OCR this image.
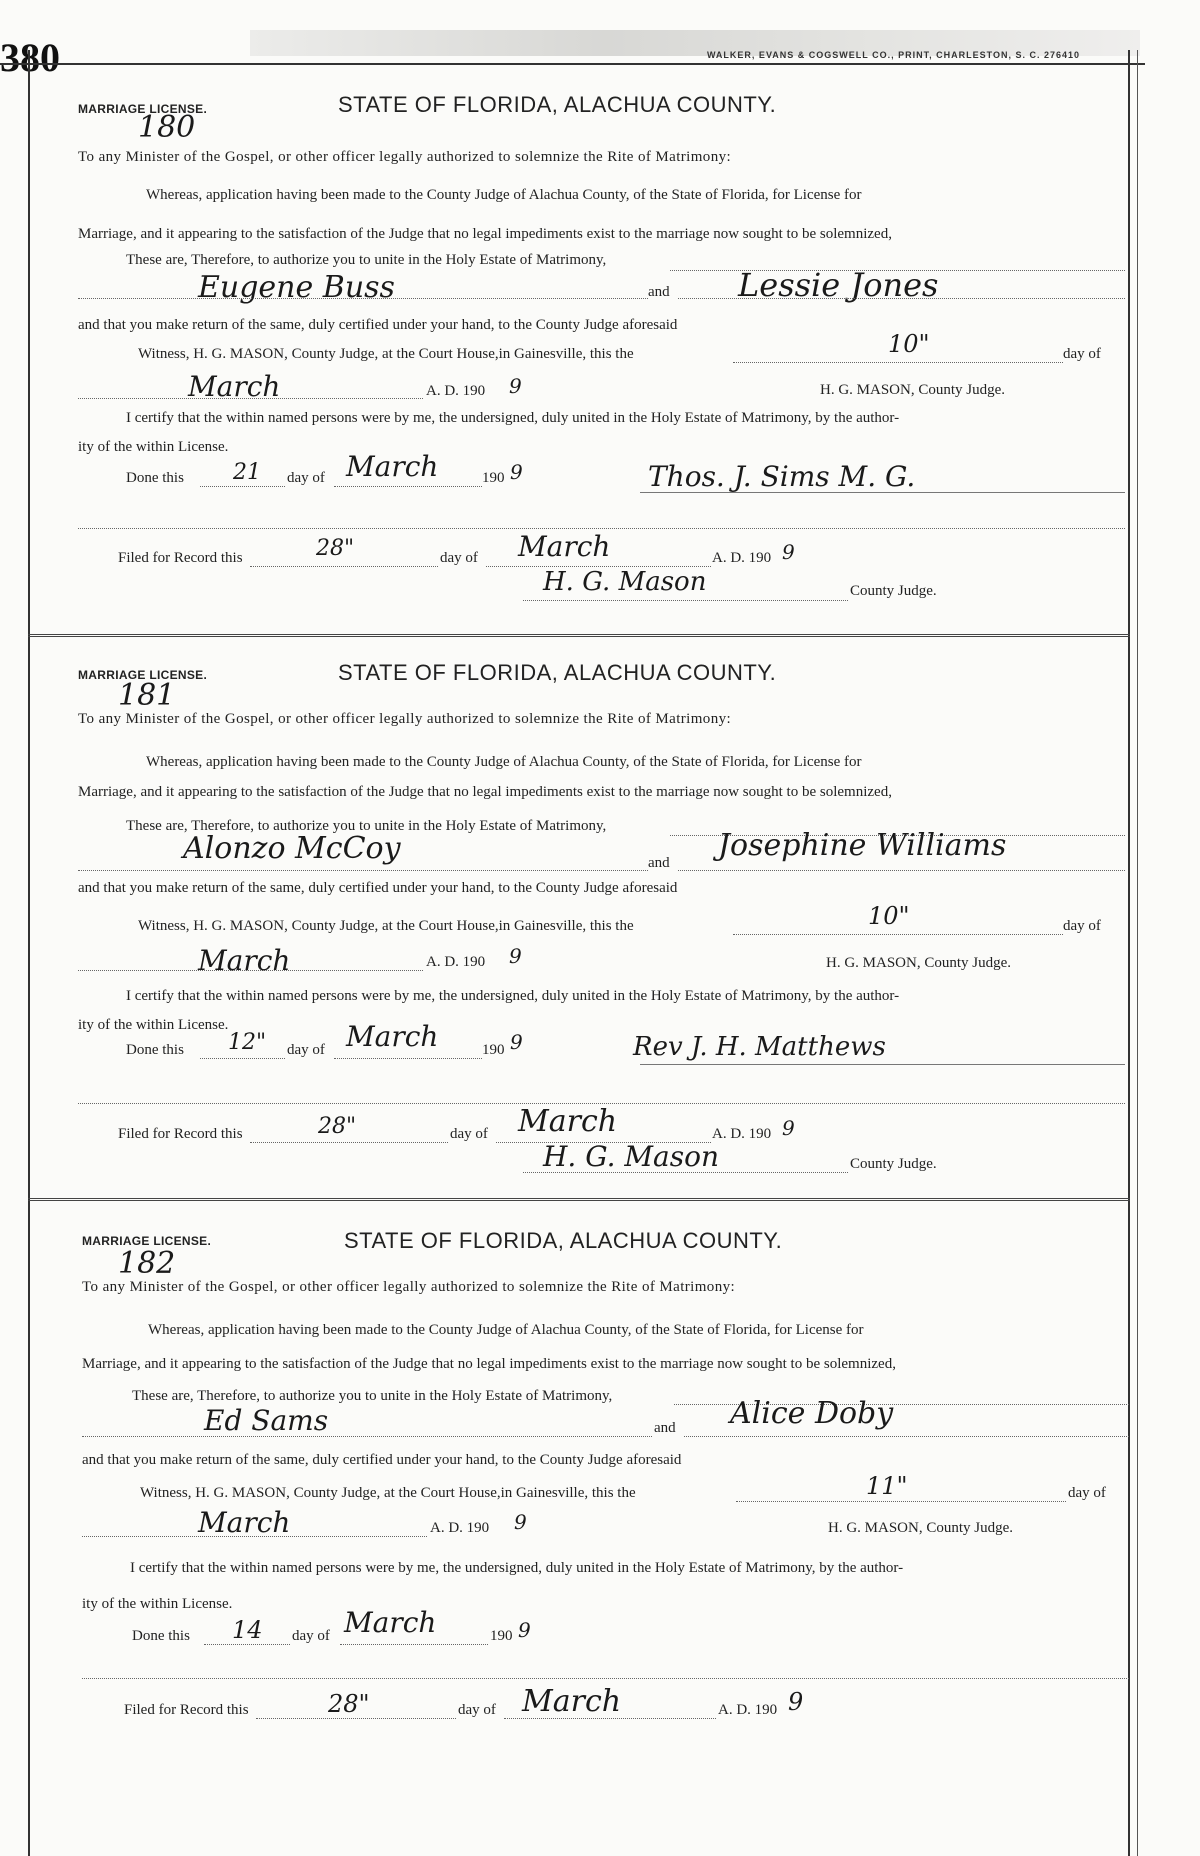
380	WALKER, EVANS & COGSWELL CO., PRINT, CHARLESTON, S. C. 276410
MARRIAGE LICENSE.
180
STATE OF FLORIDA, ALACHUA COUNTY.
To any Minister of the Gospel, or other officer legally authorized to solemnize the Rite of Matrimony:
Whereas, application having been made to the County Judge of Alachua County, of the State of Florida, for License for
Marriage, and it appearing to the satisfaction of the Judge that no legal impediments exist to the marriage now sought to be solemnized,
These are, Therefore, to authorize you to unite in the Holy Estate of Matrimony,
Eugene Buss	and Lessie Jones
and that you make return of the same, duly certified under your hand, to the County Judge aforesaid
Witness, H. G. MASON, County Judge, at the Court House,in Gainesville, this the	10"	day of
March	A. D. 190 9	H. G. MASON, County Judge.
I certify that the within named persons were by me, the undersigned, duly united in the Holy Estate of Matrimony, by the author-
ity of the within License.
Done this 21 day of March	190 9	Thos. J. Sims M. G.
Filed for Record this	28"	day of March	A. D. 190 9
H. G. Mason	County Judge.
MARRIAGE LICENSE.
181
STATE OF FLORIDA, ALACHUA COUNTY.
To any Minister of the Gospel, or other officer legally authorized to solemnize the Rite of Matrimony:
Whereas, application having been made to the County Judge of Alachua County, of the State of Florida, for License for
Marriage, and it appearing to the satisfaction of the Judge that no legal impediments exist to the marriage now sought to be solemnized,
These are, Therefore, to authorize you to unite in the Holy Estate of Matrimony,
Alonzo McCoy	and Josephine Williams
and that you make return of the same, duly certified under your hand, to the County Judge aforesaid
Witness, H. G. MASON, County Judge, at the Court House,in Gainesville, this the	10"	day of
March	A. D. 190 9	H. G. MASON, County Judge.
I certify that the within named persons were by me, the undersigned, duly united in the Holy Estate of Matrimony, by the author-
ity of the within License.
Done this 12" day of March	190 9	Rev J. H. Matthews
Filed for Record this	28"	day of March	A. D. 190 9
H. G. Mason	County Judge.
MARRIAGE LICENSE.
182
STATE OF FLORIDA, ALACHUA COUNTY.
To any Minister of the Gospel, or other officer legally authorized to solemnize the Rite of Matrimony:
Whereas, application having been made to the County Judge of Alachua County, of the State of Florida, for License for
Marriage, and it appearing to the satisfaction of the Judge that no legal impediments exist to the marriage now sought to be solemnized,
These are, Therefore, to authorize you to unite in the Holy Estate of Matrimony,
Ed Sams	and Alice Doby
and that you make return of the same, duly certified under your hand, to the County Judge aforesaid
Witness, H. G. MASON, County Judge, at the Court House,in Gainesville, this the	11"	day of
March	A. D. 190 9	H. G. MASON, County Judge.
I certify that the within named persons were by me, the undersigned, duly united in the Holy Estate of Matrimony, by the author-
ity of the within License.
Done this 14 day of March	190 9
Filed for Record this	28"	day of March	A. D. 190 9
